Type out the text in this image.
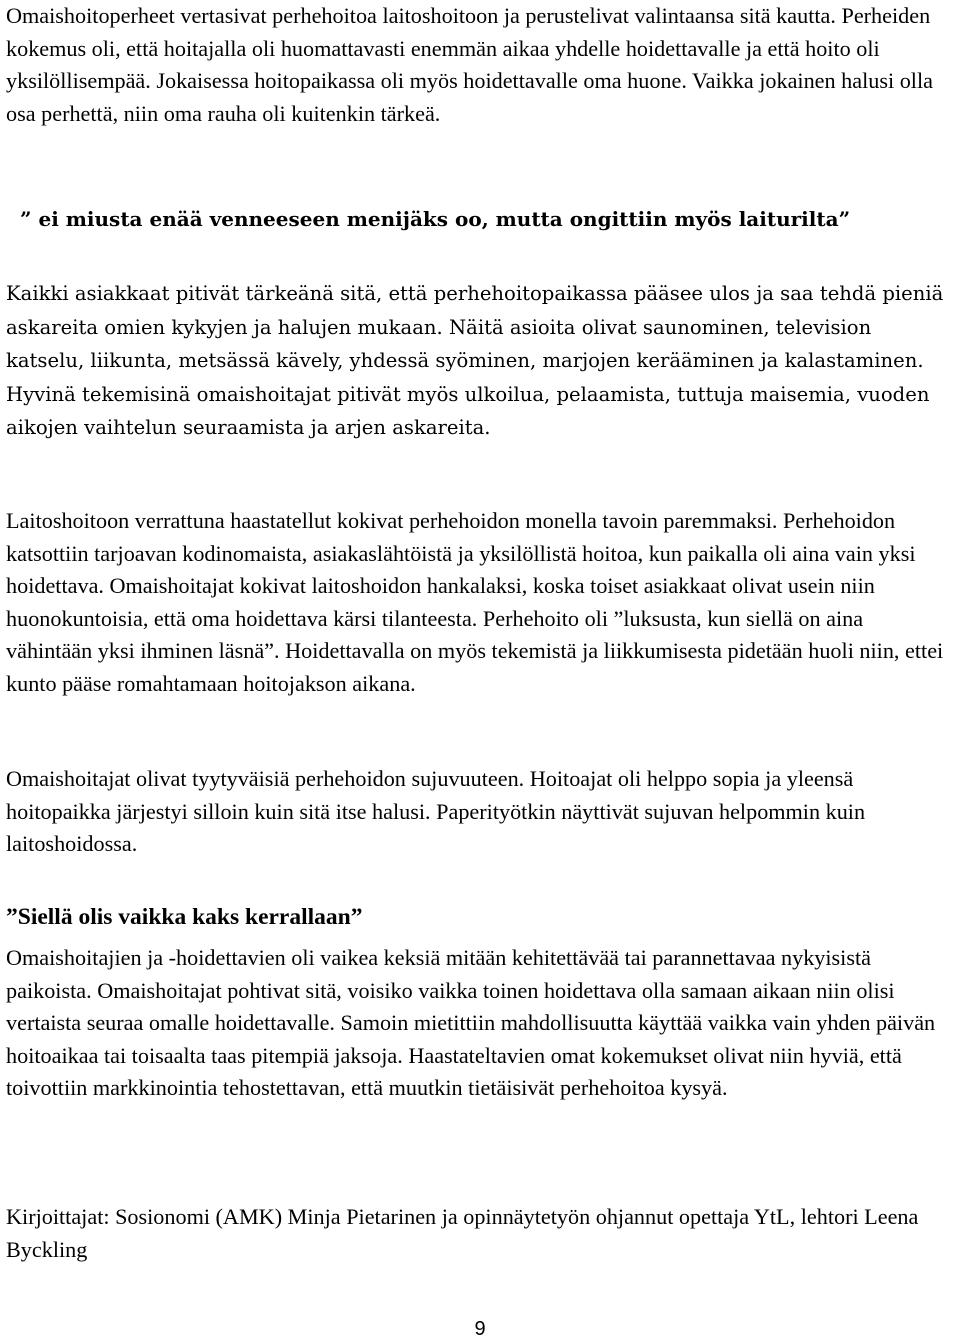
Omaishoitoperheet vertasivat perhehoitoa laitoshoitoon ja perustelivat valintaansa sitä kautta. Perheiden kokemus oli, että hoitajalla oli huomattavasti enemmän aikaa yhdelle hoidettavalle ja että hoito oli yksilöllisempää. Jokaisessa hoitopaikassa oli myös hoidettavalle oma huone. Vaikka jokainen halusi olla osa perhettä, niin oma rauha oli kuitenkin tärkeä.

” ei miusta enää venneeseen menijäks oo, mutta ongittiin myös laiturilta”

Kaikki asiakkaat pitivät tärkeänä sitä, että perhehoitopaikassa pääsee ulos ja saa tehdä pieniä askareita omien kykyjen ja halujen mukaan. Näitä asioita olivat saunominen, television katselu, liikunta, metsässä kävely, yhdessä syöminen, marjojen kerääminen ja kalastaminen. Hyvinä tekemisinä omaishoitajat pitivät myös ulkoilua, pelaamista, tuttuja maisemia, vuoden aikojen vaihtelun seuraamista ja arjen askareita.

Laitoshoitoon verrattuna haastatellut kokivat perhehoidon monella tavoin paremmaksi. Perhehoidon katsottiin tarjoavan kodinomaista, asiakaslähtöistä ja yksilöllistä hoitoa, kun paikalla oli aina vain yksi hoidettava. Omaishoitajat kokivat laitoshoidon hankalaksi, koska toiset asiakkaat olivat usein niin huonokuntoisia, että oma hoidettava kärsi tilanteesta. Perhehoito oli ”luksusta, kun siellä on aina vähintään yksi ihminen läsnä”. Hoidettavalla on myös tekemistä ja liikkumisesta pidetään huoli niin, ettei kunto pääse romahtamaan hoitojakson aikana.

Omaishoitajat olivat tyytyväisiä perhehoidon sujuvuuteen. Hoitoajat oli helppo sopia ja yleensä hoitopaikka järjestyi silloin kuin sitä itse halusi. Paperityötkin näyttivät sujuvan helpommin kuin laitoshoidossa.

”Siellä olis vaikka kaks kerrallaan”

Omaishoitajien ja -hoidettavien oli vaikea keksiä mitään kehitettävää tai parannettavaa nykyisistä paikoista. Omaishoitajat pohtivat sitä, voisiko vaikka toinen hoidettava olla samaan aikaan niin olisi vertaista seuraa omalle hoidettavalle. Samoin mietittiin mahdollisuutta käyttää vaikka vain yhden päivän hoitoaikaa tai toisaalta taas pitempiä jaksoja. Haastateltavien omat kokemukset olivat niin hyviä, että toivottiin markkinointia tehostettavan, että muutkin tietäisivät perhehoitoa kysyä.

Kirjoittajat: Sosionomi (AMK) Minja Pietarinen ja opinnäytetyön ohjannut opettaja YtL, lehtori Leena Byckling

9
